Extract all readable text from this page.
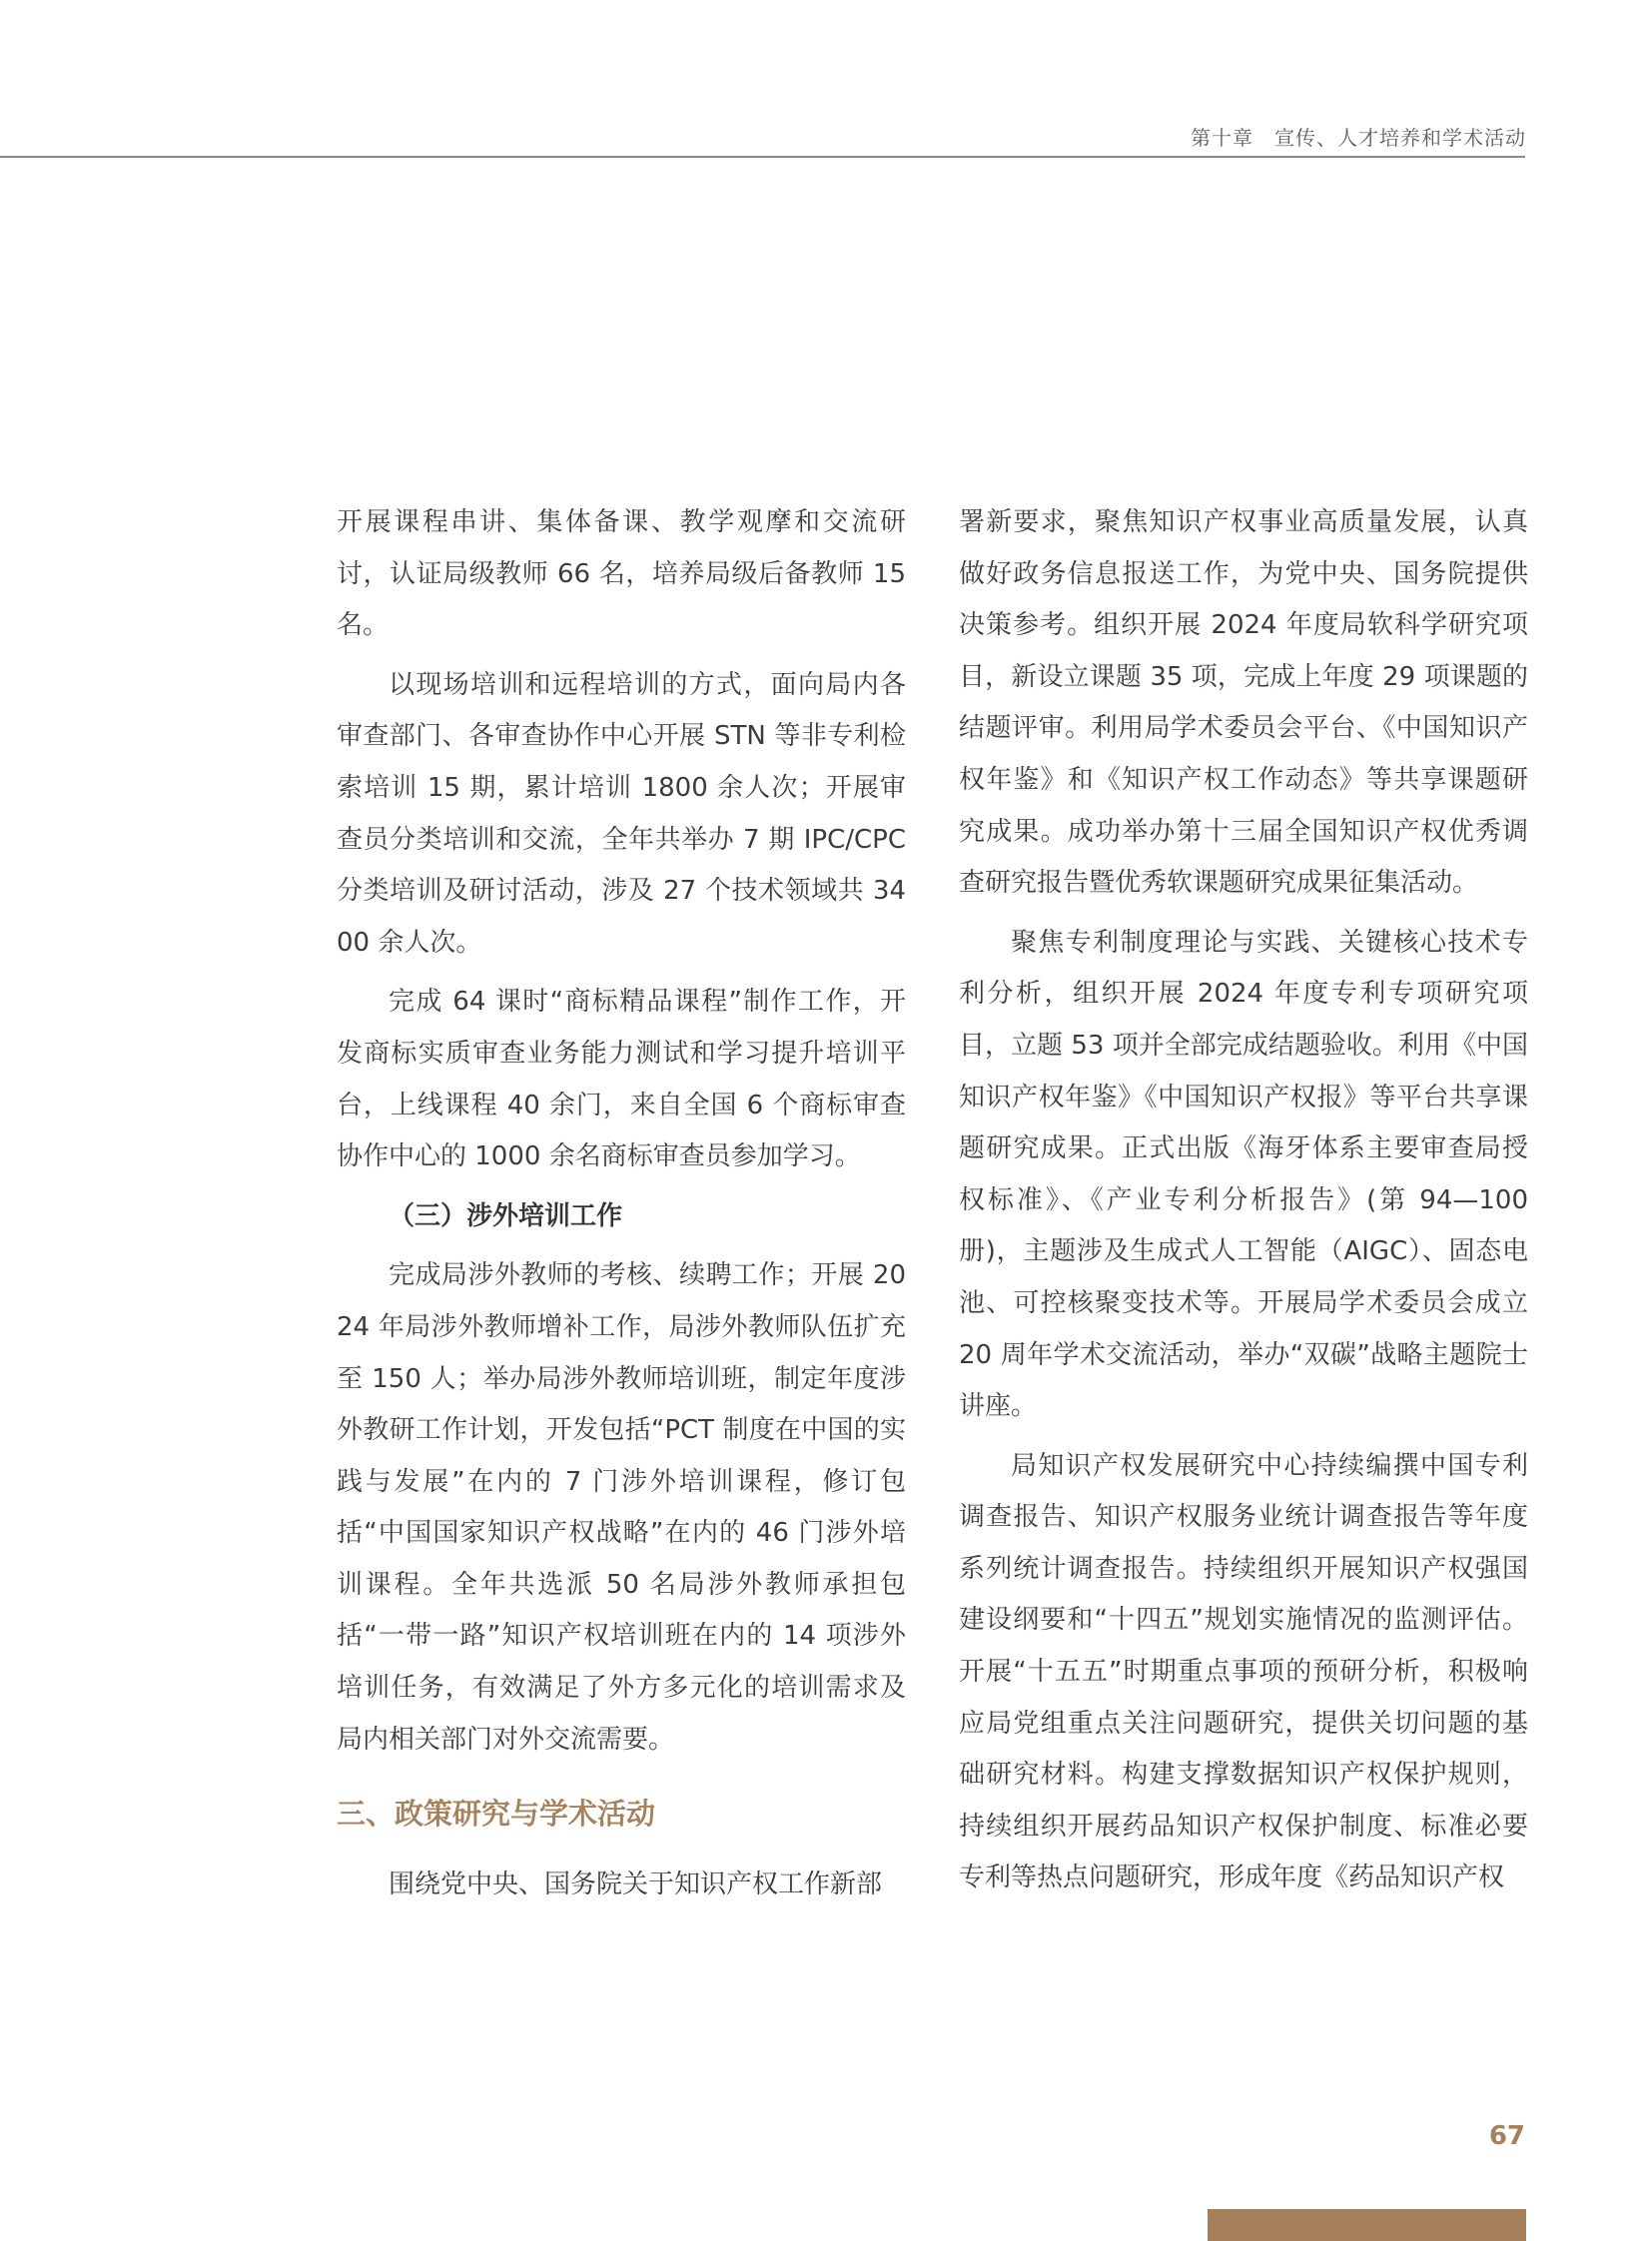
第十章　宣传、人才培养和学术活动

开展课程串讲、集体备课、教学观摩和交流研讨，认证局级教师 66 名，培养局级后备教师 15 名。

以现场培训和远程培训的方式，面向局内各审查部门、各审查协作中心开展 STN 等非专利检索培训 15 期，累计培训 1800 余人次；开展审查员分类培训和交流，全年共举办 7 期 IPC/CPC 分类培训及研讨活动，涉及 27 个技术领域共 3400 余人次。

完成 64 课时“商标精品课程”制作工作，开发商标实质审查业务能力测试和学习提升培训平台，上线课程 40 余门，来自全国 6 个商标审查协作中心的 1000 余名商标审查员参加学习。

（三）涉外培训工作

完成局涉外教师的考核、续聘工作；开展 2024 年局涉外教师增补工作，局涉外教师队伍扩充至 150 人；举办局涉外教师培训班，制定年度涉外教研工作计划，开发包括“PCT 制度在中国的实践与发展”在内的 7 门涉外培训课程，修订包括“中国国家知识产权战略”在内的 46 门涉外培训课程。全年共选派 50 名局涉外教师承担包括“一带一路”知识产权培训班在内的 14 项涉外培训任务，有效满足了外方多元化的培训需求及局内相关部门对外交流需要。

三、政策研究与学术活动

围绕党中央、国务院关于知识产权工作新部

署新要求，聚焦知识产权事业高质量发展，认真做好政务信息报送工作，为党中央、国务院提供决策参考。组织开展 2024 年度局软科学研究项目，新设立课题 35 项，完成上年度 29 项课题的结题评审。利用局学术委员会平台、《中国知识产权年鉴》和《知识产权工作动态》等共享课题研究成果。成功举办第十三届全国知识产权优秀调查研究报告暨优秀软课题研究成果征集活动。

聚焦专利制度理论与实践、关键核心技术专利分析，组织开展 2024 年度专利专项研究项目，立题 53 项并全部完成结题验收。利用《中国知识产权年鉴》《中国知识产权报》等平台共享课题研究成果。正式出版《海牙体系主要审查局授权标准》、《产业专利分析报告》(第 94—100 册)，主题涉及生成式人工智能（AIGC）、固态电池、可控核聚变技术等。开展局学术委员会成立 20 周年学术交流活动，举办“双碳”战略主题院士讲座。

局知识产权发展研究中心持续编撰中国专利调查报告、知识产权服务业统计调查报告等年度系列统计调查报告。持续组织开展知识产权强国建设纲要和“十四五”规划实施情况的监测评估。开展“十五五”时期重点事项的预研分析，积极响应局党组重点关注问题研究，提供关切问题的基础研究材料。构建支撑数据知识产权保护规则，持续组织开展药品知识产权保护制度、标准必要专利等热点问题研究，形成年度《药品知识产权

67
